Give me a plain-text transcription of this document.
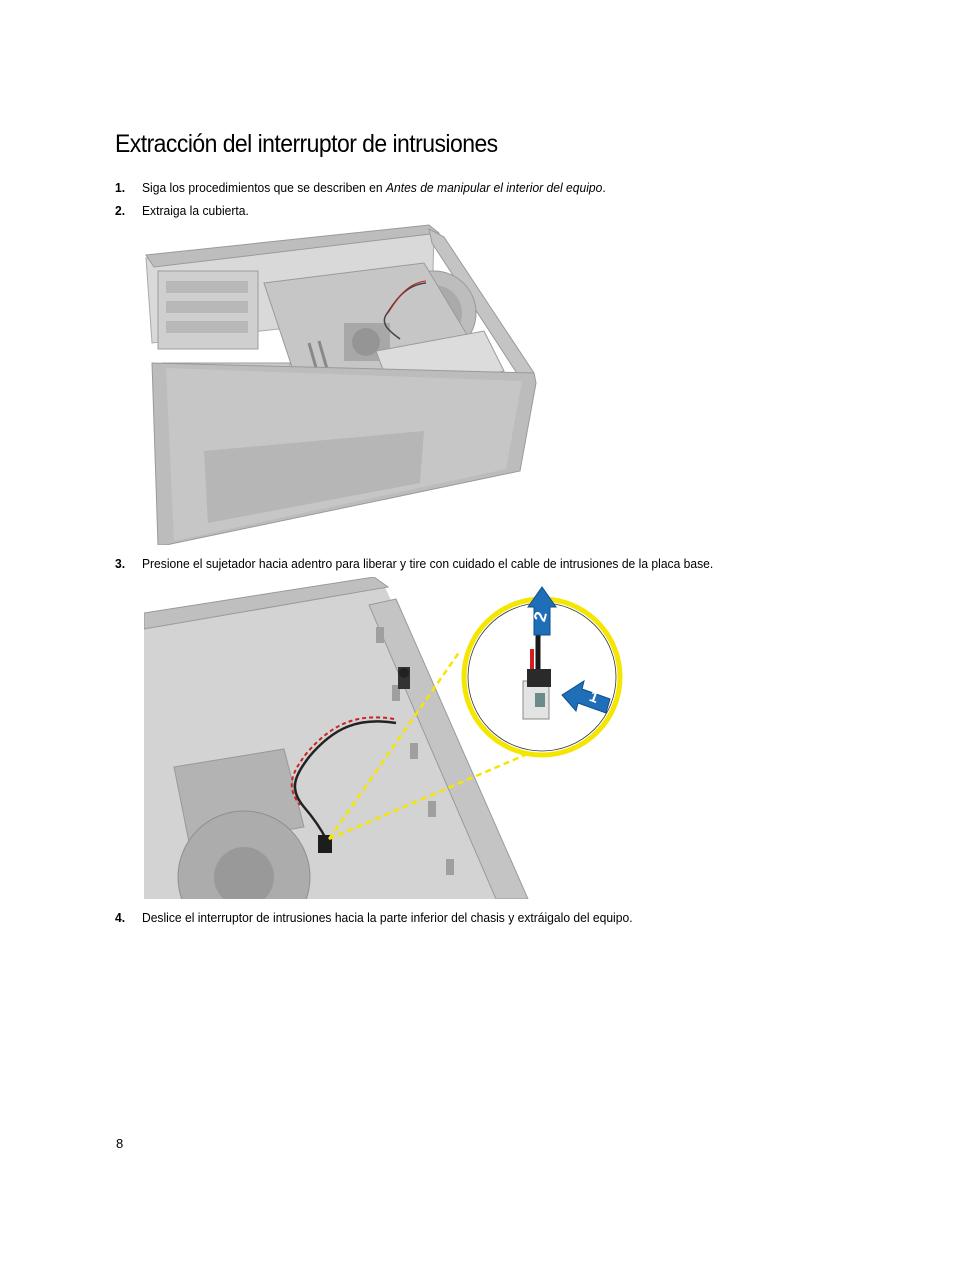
Extracción del interruptor de intrusiones
1. Siga los procedimientos que se describen en Antes de manipular el interior del equipo.
2. Extraiga la cubierta.
3. Presione el sujetador hacia adentro para liberar y tire con cuidado el cable de intrusiones de la placa base.
2
1
4. Deslice el interruptor de intrusiones hacia la parte inferior del chasis y extráigalo del equipo.
8
